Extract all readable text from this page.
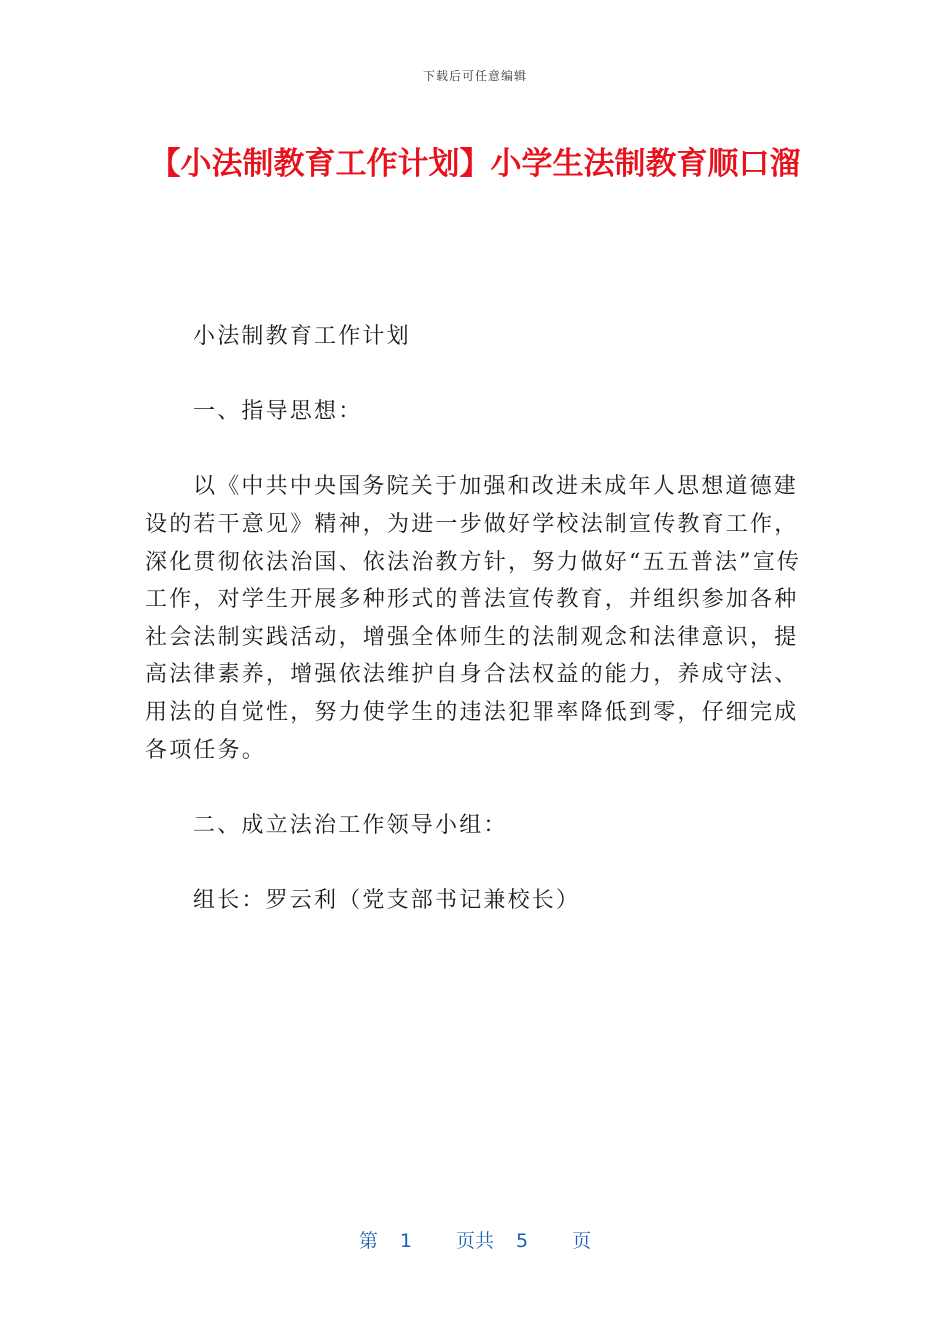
下载后可任意编辑
【小法制教育工作计划】小学生法制教育顺口溜

小法制教育工作计划

一、指导思想：

以《中共中央国务院关于加强和改进未成年人思想道德建设的若干意见》精神，为进一步做好学校法制宣传教育工作，深化贯彻依法治国、依法治教方针，努力做好“五五普法”宣传工作，对学生开展多种形式的普法宣传教育，并组织参加各种社会法制实践活动，增强全体师生的法制观念和法律意识，提高法律素养，增强依法维护自身合法权益的能力，养成守法、用法的自觉性，努力使学生的违法犯罪率降低到零，仔细完成各项任务。

二、成立法治工作领导小组：

组长：罗云利（党支部书记兼校长）

第 1 页共 5 页
